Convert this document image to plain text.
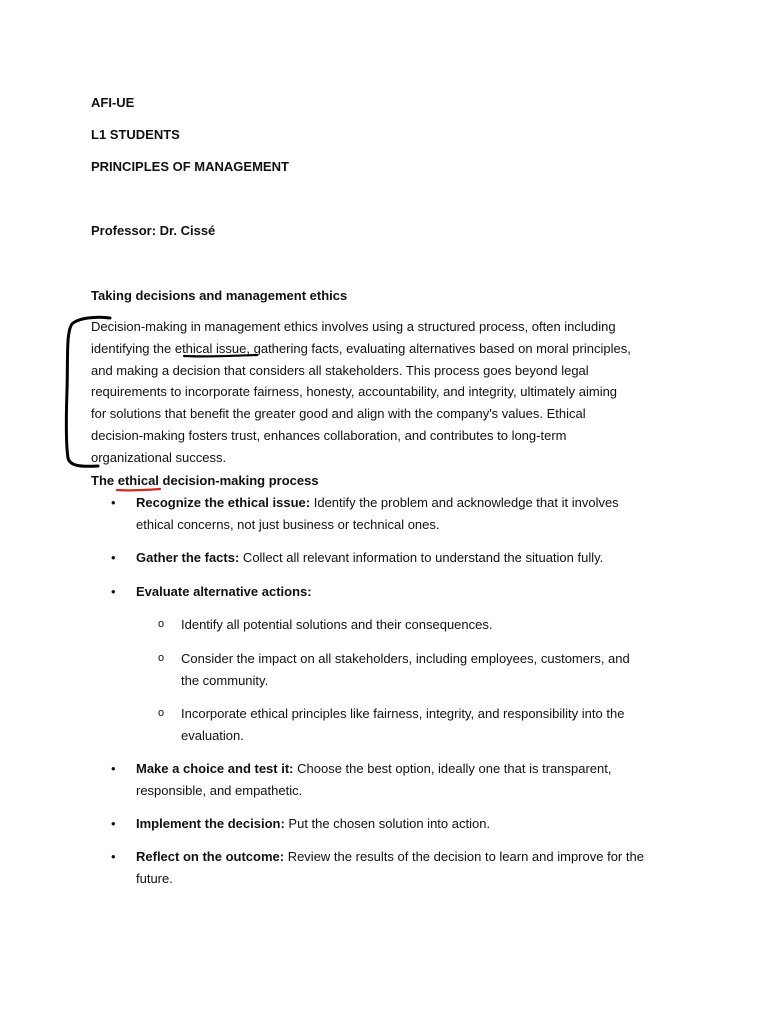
AFI-UE
L1 STUDENTS
PRINCIPLES OF MANAGEMENT
Professor: Dr. Cissé
Taking decisions and management ethics
Decision-making in management ethics involves using a structured process, often including
identifying the ethical issue, gathering facts, evaluating alternatives based on moral principles,
and making a decision that considers all stakeholders. This process goes beyond legal
requirements to incorporate fairness, honesty, accountability, and integrity, ultimately aiming
for solutions that benefit the greater good and align with the company's values. Ethical
decision-making fosters trust, enhances collaboration, and contributes to long-term
organizational success.
The ethical decision-making process
• Recognize the ethical issue: Identify the problem and acknowledge that it involves
ethical concerns, not just business or technical ones.
• Gather the facts: Collect all relevant information to understand the situation fully.
• Evaluate alternative actions:
o Identify all potential solutions and their consequences.
o Consider the impact on all stakeholders, including employees, customers, and
the community.
o Incorporate ethical principles like fairness, integrity, and responsibility into the
evaluation.
• Make a choice and test it: Choose the best option, ideally one that is transparent,
responsible, and empathetic.
• Implement the decision: Put the chosen solution into action.
• Reflect on the outcome: Review the results of the decision to learn and improve for the
future.
